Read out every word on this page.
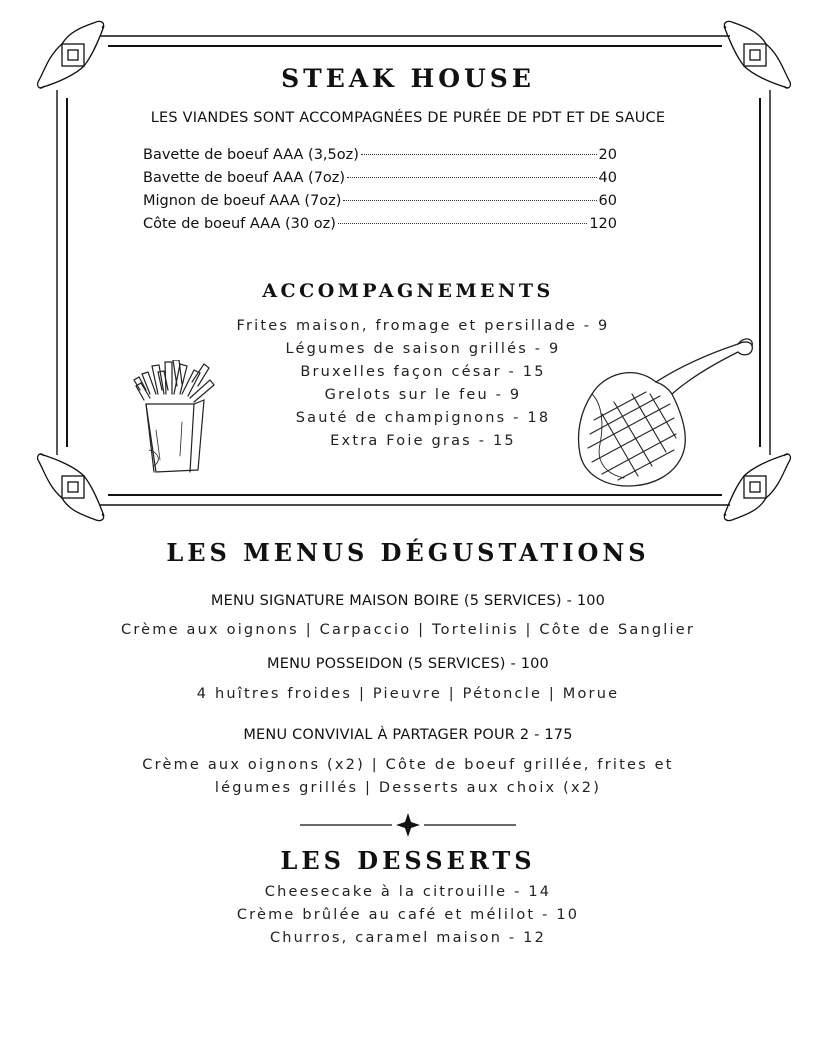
STEAK HOUSE
LES VIANDES SONT ACCOMPAGNÉES DE PURÉE DE PDT ET DE SAUCE
Bavette de boeuf AAA (3,5oz)	20
Bavette de boeuf AAA (7oz)	40
Mignon de boeuf AAA (7oz)	60
Côte de boeuf AAA (30 oz)	120
ACCOMPAGNEMENTS
Frites maison, fromage et persillade - 9
Légumes de saison grillés - 9
Bruxelles façon césar - 15
Grelots sur le feu - 9
Sauté de champignons - 18
Extra Foie gras - 15
LES MENUS DÉGUSTATIONS
MENU SIGNATURE MAISON BOIRE (5 SERVICES) - 100
Crème aux oignons | Carpaccio | Tortelinis | Côte de Sanglier
MENU POSSEIDON (5 SERVICES) - 100
4 huîtres froides | Pieuvre | Pétoncle | Morue
MENU CONVIVIAL À PARTAGER POUR 2 - 175
Crème aux oignons (x2) | Côte de boeuf grillée, frites et
légumes grillés | Desserts aux choix (x2)
LES DESSERTS
Cheesecake à la citrouille - 14
Crème brûlée au café et mélilot - 10
Churros, caramel maison - 12
